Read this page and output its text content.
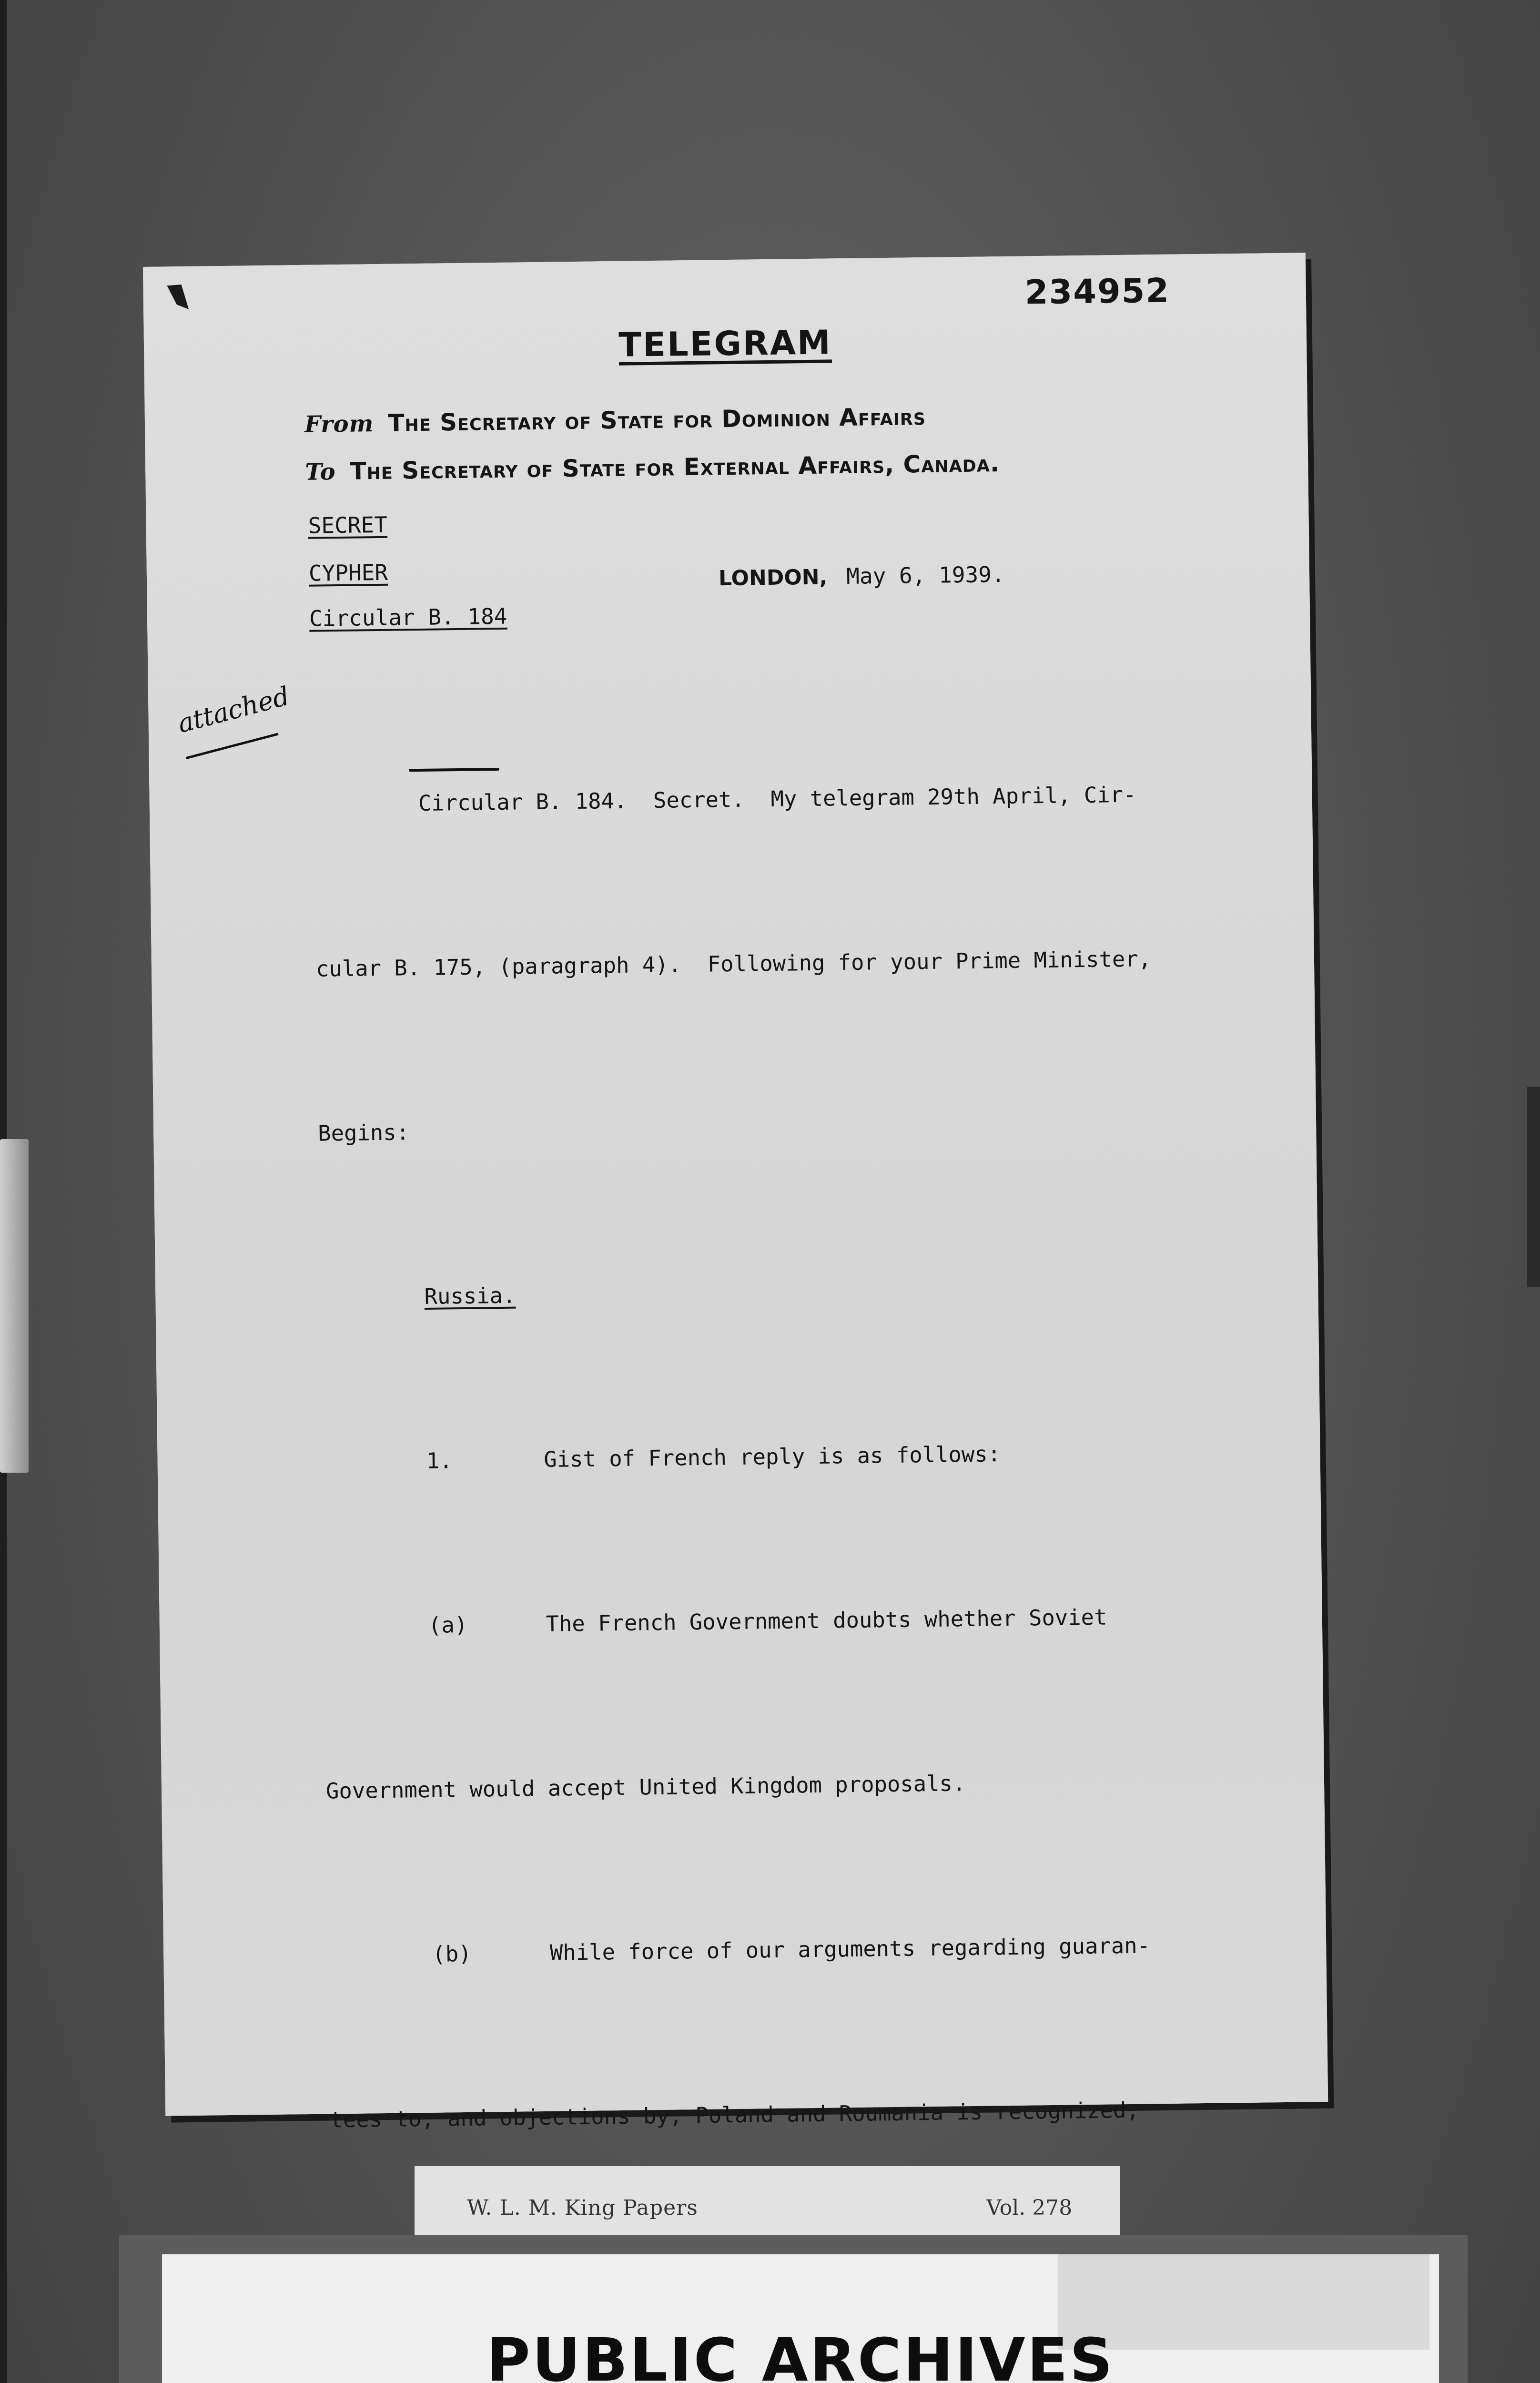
234952
TELEGRAM
From The Secretary of State for Dominion Affairs
To The Secretary of State for External Affairs, Canada.
SECRET
CYPHER
Circular B. 184
LONDON, May 6, 1939.
attached

Circular B. 184.  Secret.  My telegram 29th April, Cir-

cular B. 175, (paragraph 4).  Following for your Prime Minister,

Begins:

Russia.

1.       Gist of French reply is as follows:

(a)      The French Government doubts whether Soviet

Government would accept United Kingdom proposals.

(b)      While force of our arguments regarding guaran-

tees to, and objections by, Poland and Roumania is recognized,

W. L. M. King Papers	Vol. 278
PUBLIC ARCHIVES
